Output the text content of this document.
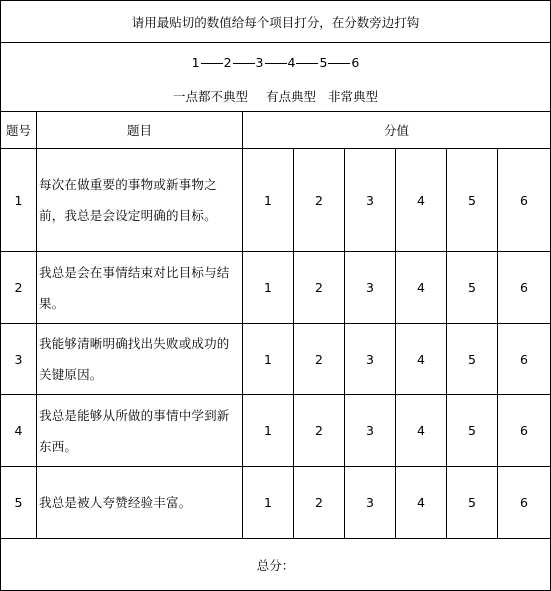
请用最贴切的数值给每个项目打分，在分数旁边打钩							

1 2 3 4 5 6
一点都不典型 有点典型 非常典型							

题号	题目	分值					
1	每次在做重要的事物或新事物之前，我总是会设定明确的目标。	1	2	3	4	5	6
2	我总是会在事情结束对比目标与结果。	1	2	3	4	5	6
3	我能够清晰明确找出失败或成功的关键原因。	1	2	3	4	5	6
4	我总是能够从所做的事情中学到新东西。	1	2	3	4	5	6
5	我总是被人夸赞经验丰富。	1	2	3	4	5	6
总分：							
